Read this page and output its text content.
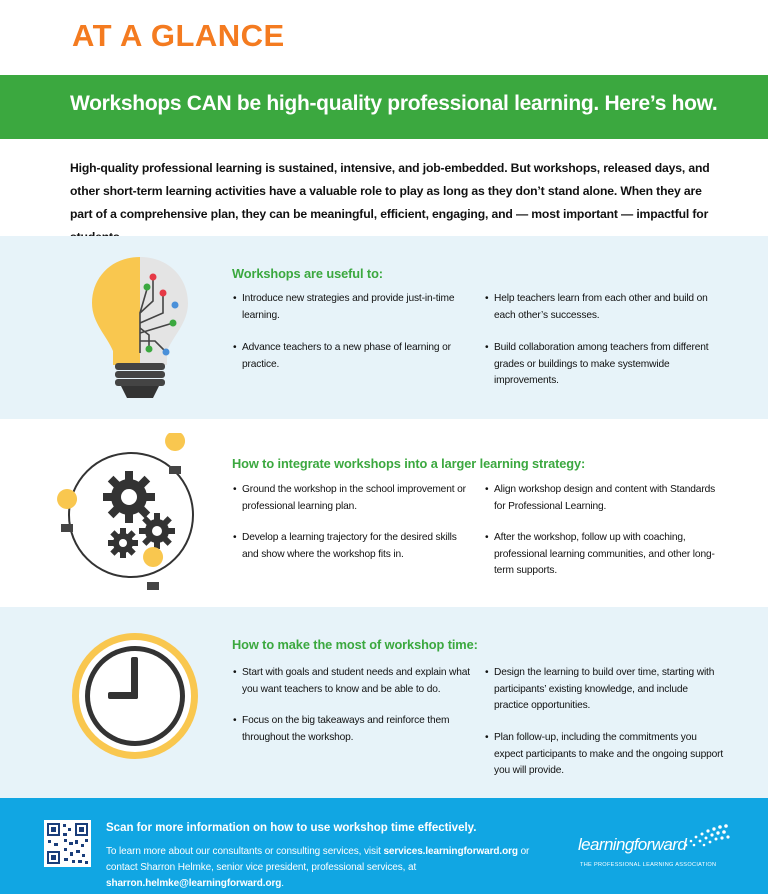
AT A GLANCE
Workshops CAN be high-quality professional learning. Here’s how.

High-quality professional learning is sustained, intensive, and job-embedded. But workshops, released days, and other short-term learning activities have a valuable role to play as long as they don’t stand alone. When they are part of a comprehensive plan, they can be meaningful, efficient, engaging, and — most important — impactful for

Workshops are useful to:
• Introduce new strategies and provide just-in-time learning.
• Advance teachers to a new phase of learning or practice.
• Help teachers learn from each other and build on each other’s successes.
• Build collaboration among teachers from different grades or buildings to make systemwide improvements.
How to integrate workshops into a larger learning strategy:
• Ground the workshop in the school improvement or professional learning plan.
• Develop a learning trajectory for the desired skills and show where the workshop fits in.
• Align workshop design and content with Standards for Professional Learning.
• After the workshop, follow up with coaching, professional learning communities, and other long-term supports.
How to make the most of workshop time:
• Start with goals and student needs and explain what you want teachers to know and be able to do.
• Focus on the big takeaways and reinforce them throughout the workshop.
• Design the learning to build over time, starting with participants’ existing knowledge, and include practice opportunities.
• Plan follow-up, including the commitments you expect participants to make and the ongoing support you will provide.

Scan for more information on how to use workshop time effectively.

To learn more about our consultants or consulting services, visit services.learningforward.org or contact Sharron Helmke, senior vice president, professional services, at sharron.helmke@learningforward.org.

learningforward
THE PROFESSIONAL LEARNING ASSOCIATION
